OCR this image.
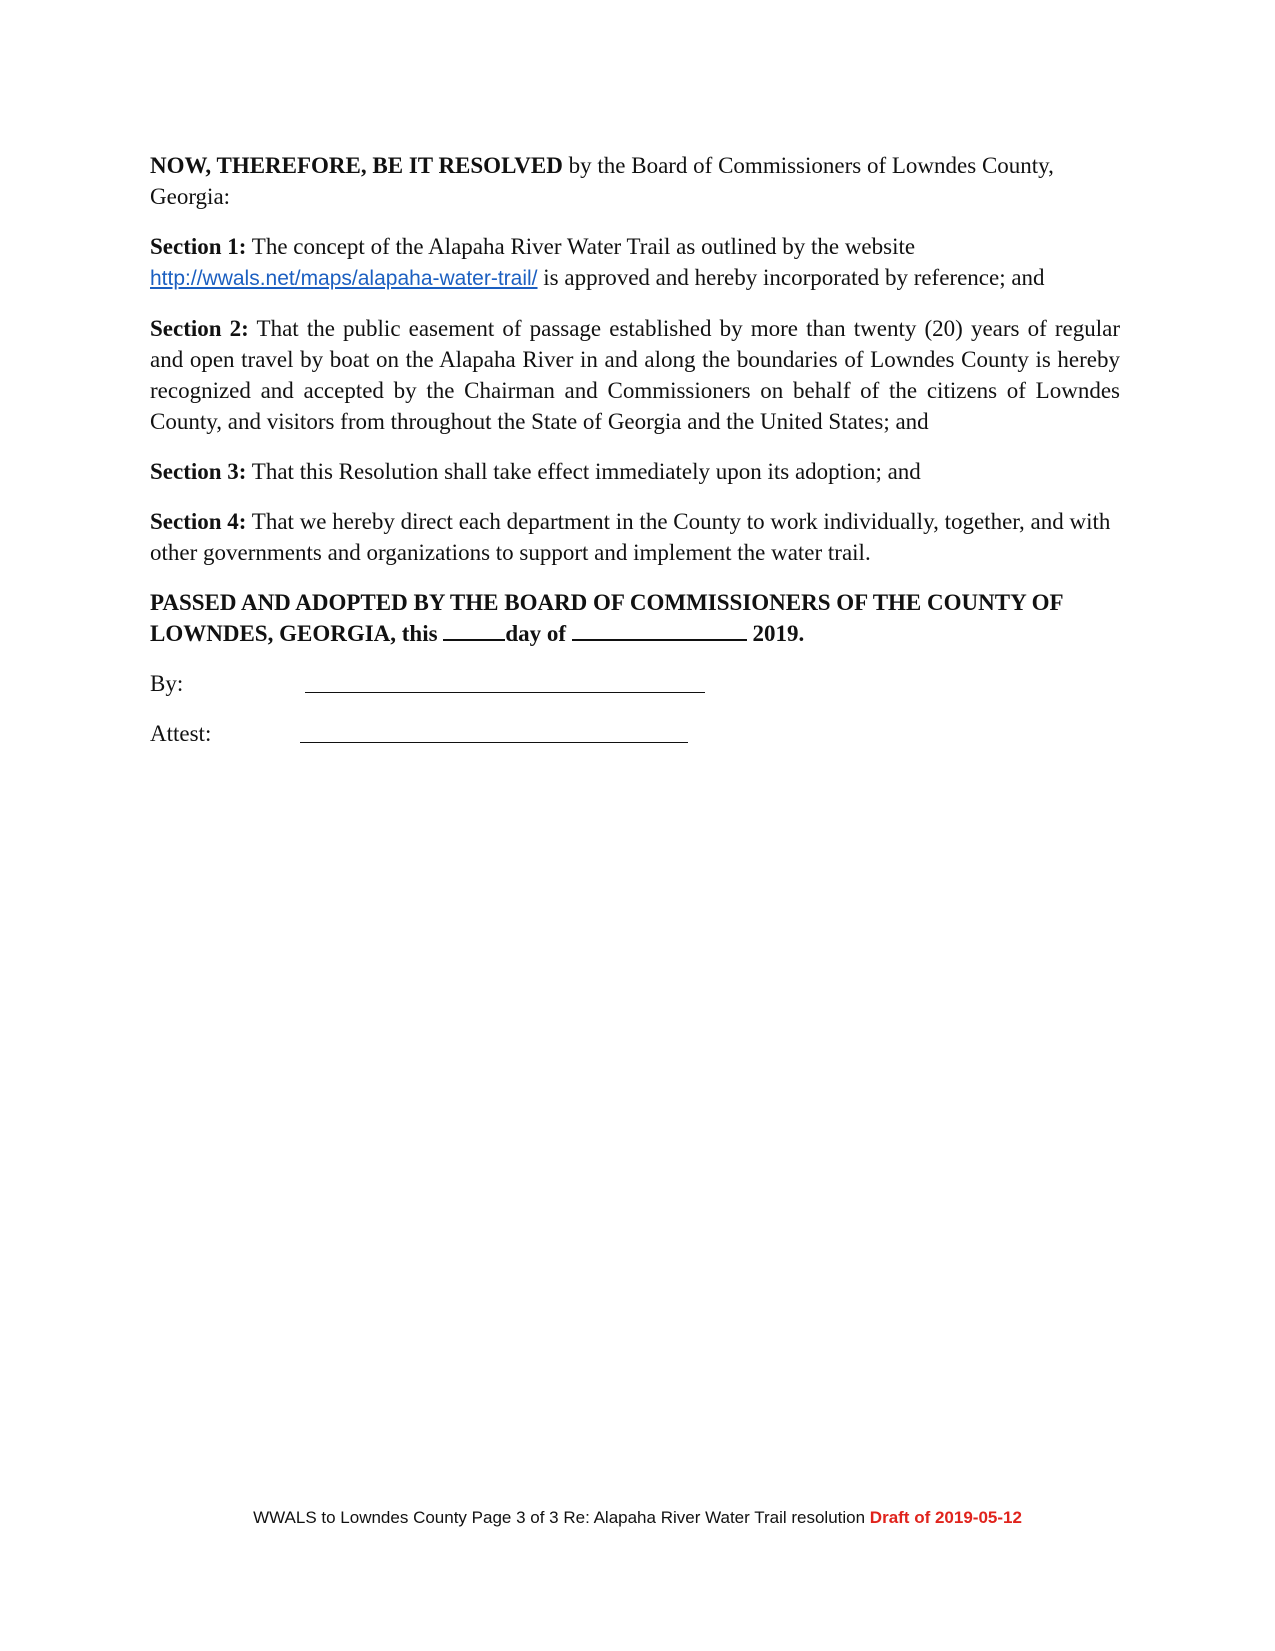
NOW, THEREFORE, BE IT RESOLVED by the Board of Commissioners of Lowndes County, Georgia:

Section 1: The concept of the Alapaha River Water Trail as outlined by the website http://wwals.net/maps/alapaha-water-trail/ is approved and hereby incorporated by reference; and

Section 2: That the public easement of passage established by more than twenty (20) years of regular and open travel by boat on the Alapaha River in and along the boundaries of Lowndes County is hereby recognized and accepted by the Chairman and Commissioners on behalf of the citizens of Lowndes County, and visitors from throughout the State of Georgia and the United States; and

Section 3: That this Resolution shall take effect immediately upon its adoption; and

Section 4: That we hereby direct each department in the County to work individually, together, and with other governments and organizations to support and implement the water trail.

PASSED AND ADOPTED BY THE BOARD OF COMMISSIONERS OF THE COUNTY OF LOWNDES, GEORGIA, this	day of	2019.

By:
Attest:
WWALS to Lowndes County Page 3 of 3 Re: Alapaha River Water Trail resolution Draft of 2019-05-12
